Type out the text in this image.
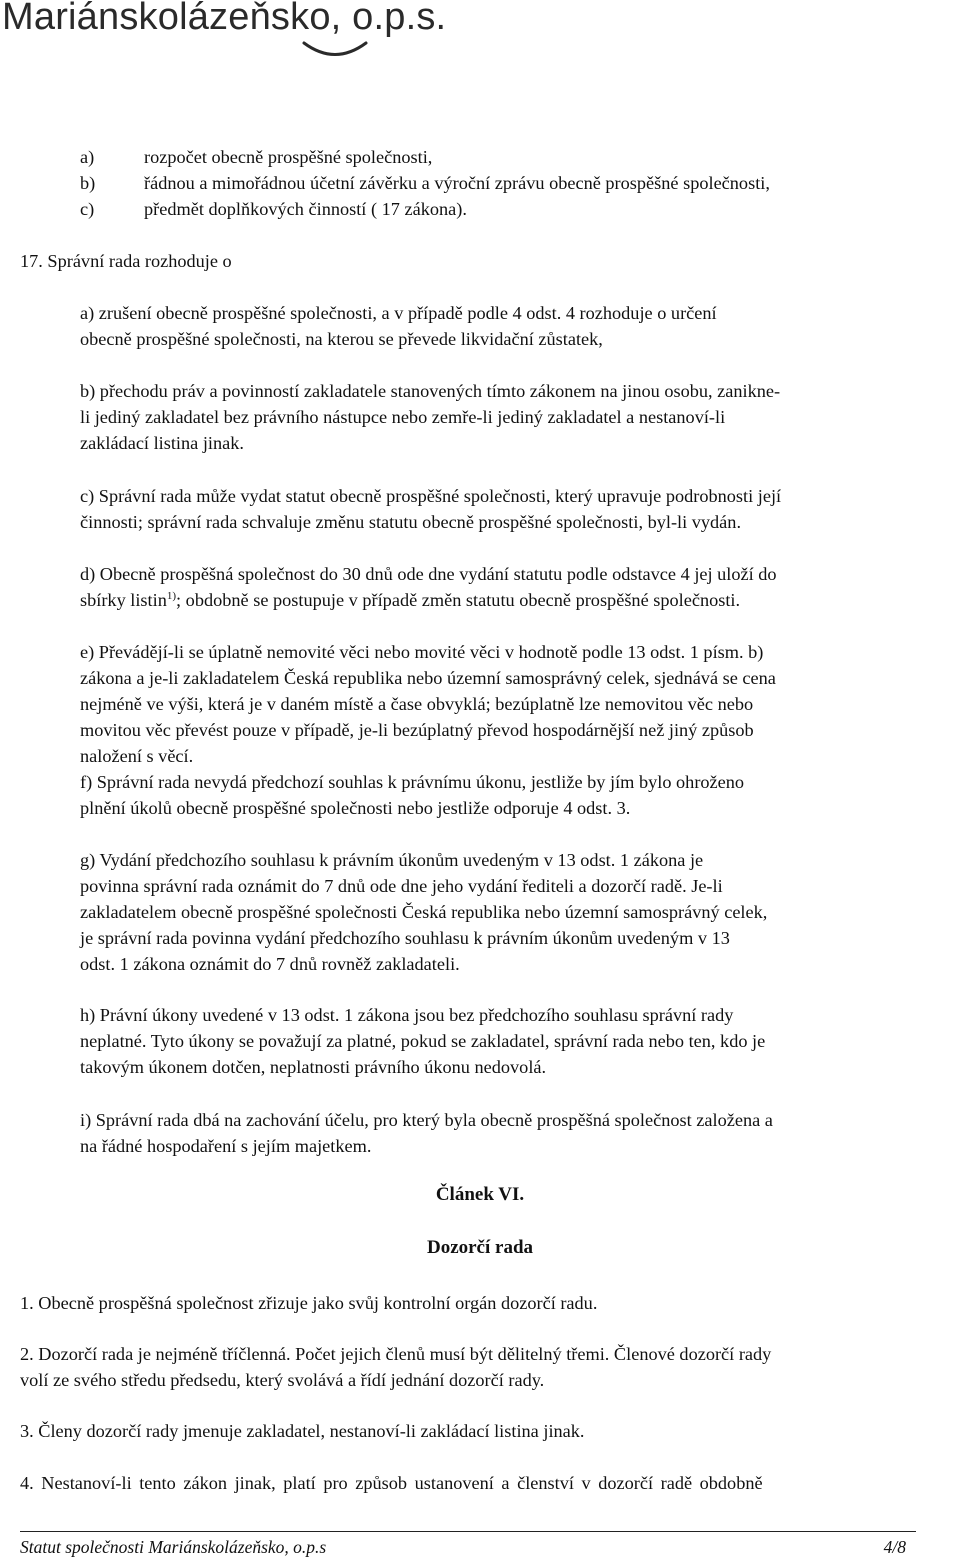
Mariánskolázeňsko, o.p.s.
a)	rozpočet obecně prospěšné společnosti,
b)	řádnou a mimořádnou účetní závěrku a výroční zprávu obecně prospěšné společnosti,
c)	předmět doplňkových činností ( 17 zákona).
17. Správní rada rozhoduje o
a) zrušení obecně prospěšné společnosti, a v případě podle 4 odst. 4 rozhoduje o určení
obecně prospěšné společnosti, na kterou se převede likvidační zůstatek,
b) přechodu práv a povinností zakladatele stanovených tímto zákonem na jinou osobu, zanikne-
li jediný zakladatel bez právního nástupce nebo zemře-li jediný zakladatel a nestanoví-li
zakládací listina jinak.
c) Správní rada může vydat statut obecně prospěšné společnosti, který upravuje podrobnosti její
činnosti; správní rada schvaluje změnu statutu obecně prospěšné společnosti, byl-li vydán.
d) Obecně prospěšná společnost do 30 dnů ode dne vydání statutu podle odstavce 4 jej uloží do
sbírky listin$^{1)}$; obdobně se postupuje v případě změn statutu obecně prospěšné společnosti.
e) Převádějí-li se úplatně nemovité věci nebo movité věci v hodnotě podle 13 odst. 1 písm. b)
zákona a je-li zakladatelem Česká republika nebo územní samosprávný celek, sjednává se cena
nejméně ve výši, která je v daném místě a čase obvyklá; bezúplatně lze nemovitou věc nebo
movitou věc převést pouze v případě, je-li bezúplatný převod hospodárnější než jiný způsob
naložení s věcí.
f) Správní rada nevydá předchozí souhlas k právnímu úkonu, jestliže by jím bylo ohroženo
plnění úkolů obecně prospěšné společnosti nebo jestliže odporuje 4 odst. 3.
g) Vydání předchozího souhlasu k právním úkonům uvedeným v 13 odst. 1 zákona je
povinna správní rada oznámit do 7 dnů ode dne jeho vydání řediteli a dozorčí radě. Je-li
zakladatelem obecně prospěšné společnosti Česká republika nebo územní samosprávný celek,
je správní rada povinna vydání předchozího souhlasu k právním úkonům uvedeným v 13
odst. 1 zákona oznámit do 7 dnů rovněž zakladateli.
h) Právní úkony uvedené v 13 odst. 1 zákona jsou bez předchozího souhlasu správní rady
neplatné. Tyto úkony se považují za platné, pokud se zakladatel, správní rada nebo ten, kdo je
takovým úkonem dotčen, neplatnosti právního úkonu nedovolá.
i) Správní rada dbá na zachování účelu, pro který byla obecně prospěšná společnost založena a
na řádné hospodaření s jejím majetkem.
Článek VI.
Dozorčí rada
1. Obecně prospěšná společnost zřizuje jako svůj kontrolní orgán dozorčí radu.
2. Dozorčí rada je nejméně tříčlenná. Počet jejich členů musí být dělitelný třemi. Členové dozorčí rady
volí ze svého středu předsedu, který svolává a řídí jednání dozorčí rady.
3. Členy dozorčí rady jmenuje zakladatel, nestanoví-li zakládací listina jinak.
4. Nestanoví-li tento zákon jinak, platí pro způsob ustanovení a členství v dozorčí radě obdobně
Statut společnosti Mariánskolázeňsko, o.p.s	4/8
